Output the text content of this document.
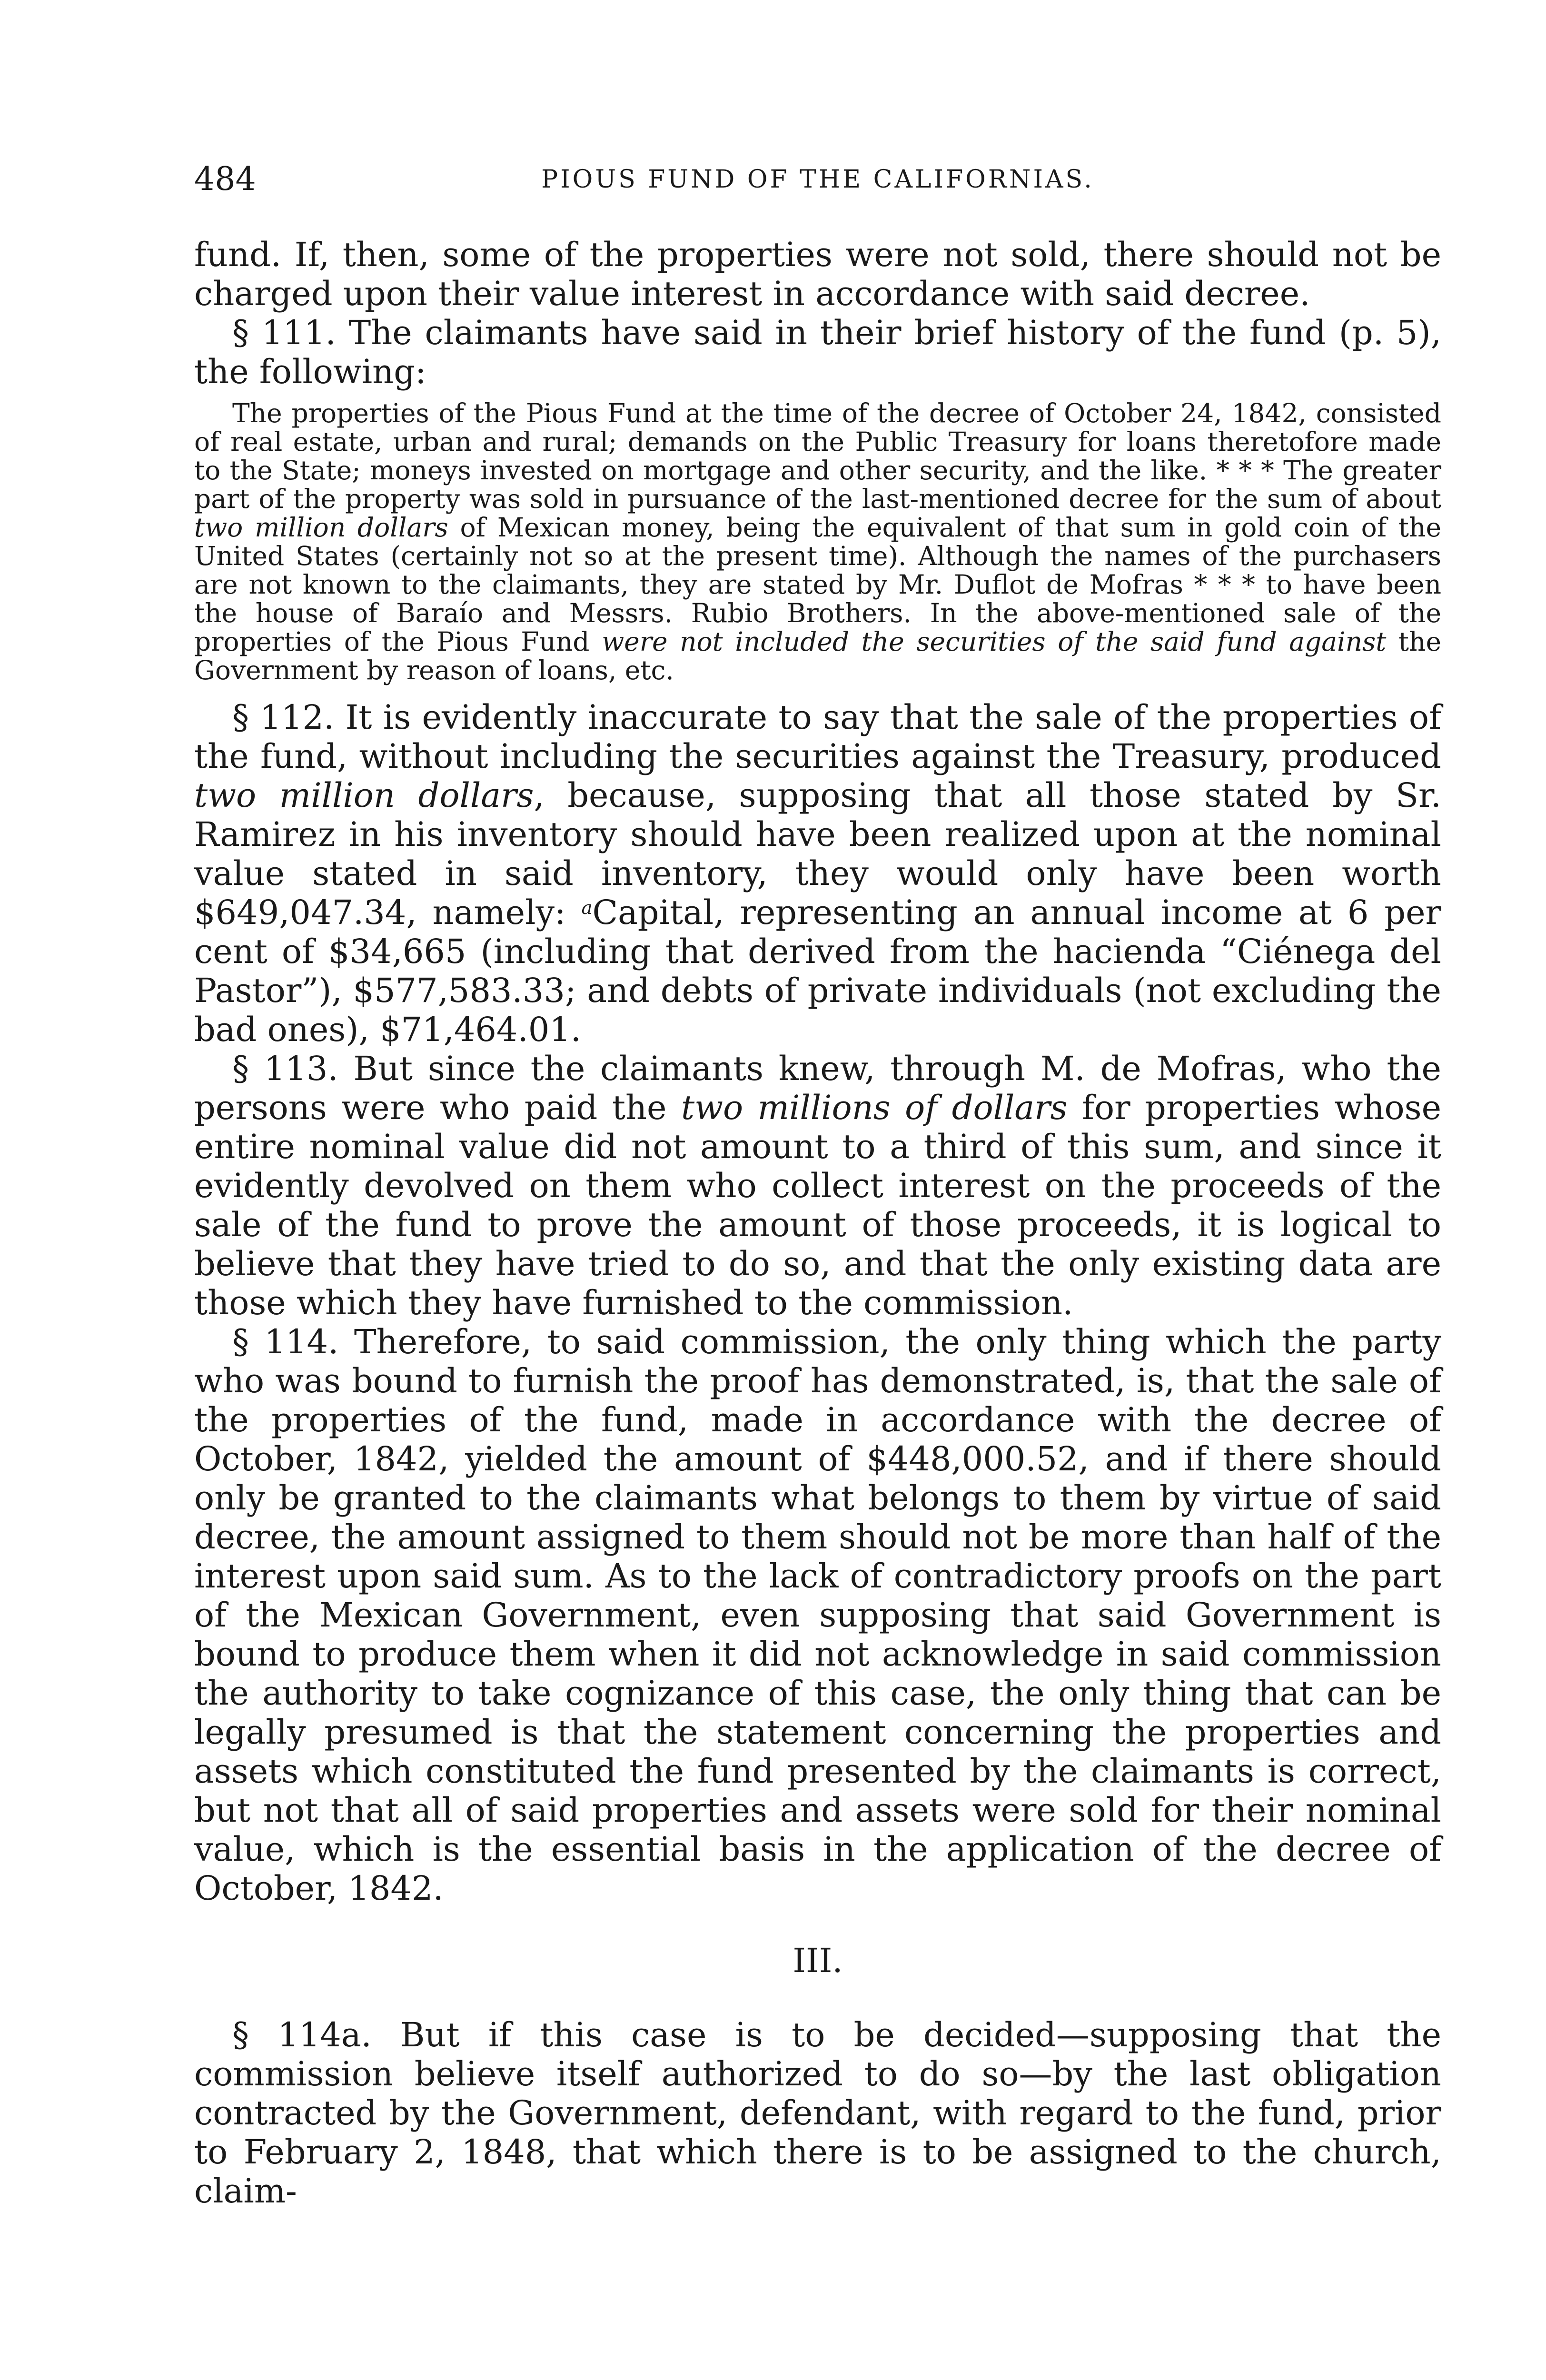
484	PIOUS FUND OF THE CALIFORNIAS.

fund. If, then, some of the properties were not sold, there should not be charged upon their value interest in accordance with said decree.

§ 111. The claimants have said in their brief history of the fund (p. 5), the following:

The properties of the Pious Fund at the time of the decree of October 24, 1842, consisted of real estate, urban and rural; demands on the Public Treasury for loans theretofore made to the State; moneys invested on mortgage and other security, and the like. * * * The greater part of the property was sold in pursuance of the last-mentioned decree for the sum of about two million dollars of Mexican money, being the equivalent of that sum in gold coin of the United States (certainly not so at the present time). Although the names of the purchasers are not known to the claimants, they are stated by Mr. Duflot de Mofras * * * to have been the house of Baraío and Messrs. Rubio Brothers. In the above-mentioned sale of the properties of the Pious Fund were not included the securities of the said fund against the Government by reason of loans, etc.

§ 112. It is evidently inaccurate to say that the sale of the properties of the fund, without including the securities against the Treasury, produced two million dollars, because, supposing that all those stated by Sr. Ramirez in his inventory should have been realized upon at the nominal value stated in said inventory, they would only have been worth $649,047.34, namely: $^a$Capital, representing an annual income at 6 per cent of $34,665 (including that derived from the hacienda “Ciénega del Pastor”), $577,583.33; and debts of private individuals (not excluding the bad ones), $71,464.01.

§ 113. But since the claimants knew, through M. de Mofras, who the persons were who paid the two millions of dollars for properties whose entire nominal value did not amount to a third of this sum, and since it evidently devolved on them who collect interest on the proceeds of the sale of the fund to prove the amount of those proceeds, it is logical to believe that they have tried to do so, and that the only existing data are those which they have furnished to the commission.

§ 114. Therefore, to said commission, the only thing which the party who was bound to furnish the proof has demonstrated, is, that the sale of the properties of the fund, made in accordance with the decree of October, 1842, yielded the amount of $448,000.52, and if there should only be granted to the claimants what belongs to them by virtue of said decree, the amount assigned to them should not be more than half of the interest upon said sum. As to the lack of contradictory proofs on the part of the Mexican Government, even supposing that said Government is bound to produce them when it did not acknowledge in said commission the authority to take cognizance of this case, the only thing that can be legally presumed is that the statement concerning the properties and assets which constituted the fund presented by the claimants is correct, but not that all of said properties and assets were sold for their nominal value, which is the essential basis in the application of the decree of October, 1842.

III.

§ 114a. But if this case is to be decided—supposing that the commission believe itself authorized to do so—by the last obligation contracted by the Government, defendant, with regard to the fund, prior to February 2, 1848, that which there is to be assigned to the church, claim-
